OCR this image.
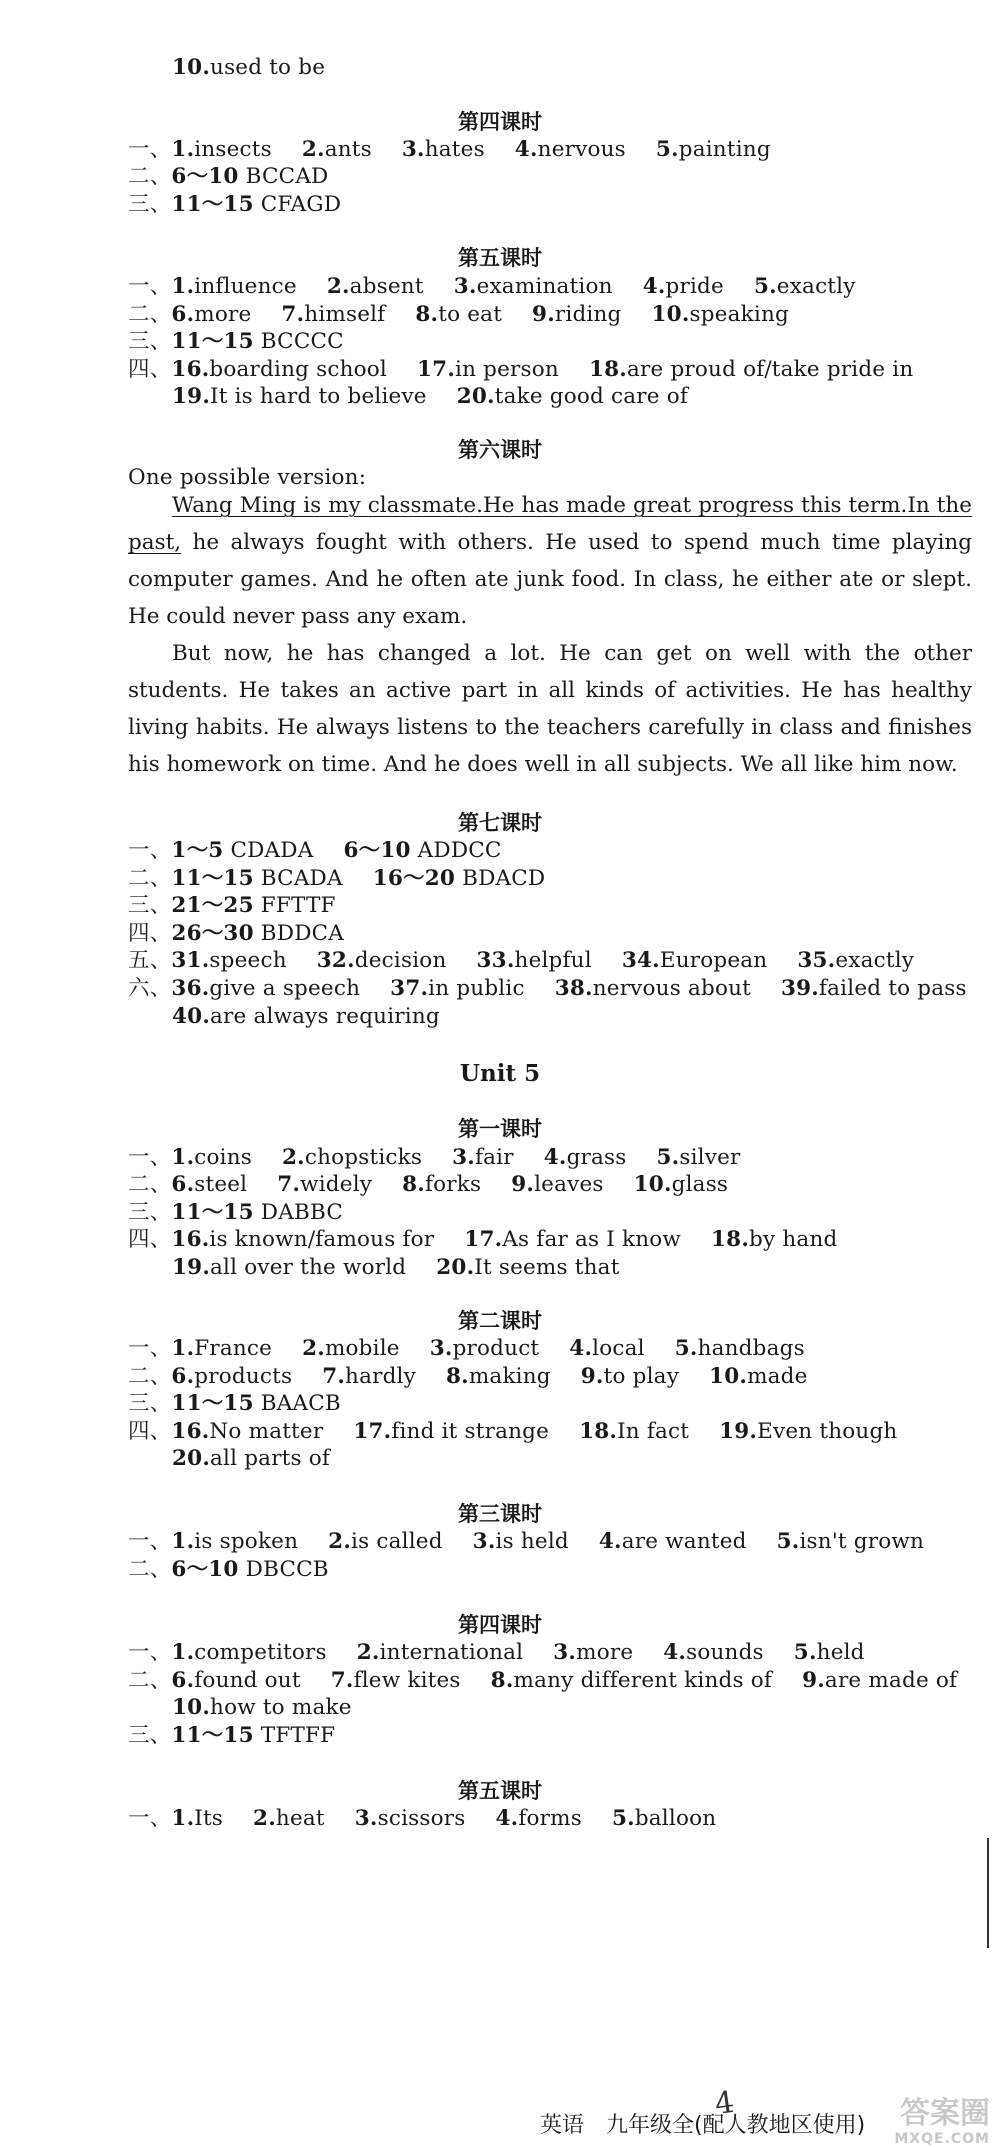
10.used to be
第四课时
一、1.insects 2.ants 3.hates 4.nervous 5.painting
二、6～10 BCCAD
三、11～15 CFAGD
第五课时
一、1.influence 2.absent 3.examination 4.pride 5.exactly
二、6.more 7.himself 8.to eat 9.riding 10.speaking
三、11～15 BCCCC
四、16.boarding school 17.in person 18.are proud of/take pride in
19.It is hard to believe 20.take good care of
第六课时
One possible version:
Wang Ming is my classmate.He has made great progress this term.In the past, he always fought with others. He used to spend much time playing computer games. And he often ate junk food. In class, he either ate or slept. He could never pass any exam.
But now, he has changed a lot. He can get on well with the other students. He takes an active part in all kinds of activities. He has healthy living habits. He always listens to the teachers carefully in class and finishes his homework on time. And he does well in all subjects. We all like him now.
第七课时
一、1～5 CDADA 6～10 ADDCC
二、11～15 BCADA 16～20 BDACD
三、21～25 FFTTF
四、26～30 BDDCA
五、31.speech 32.decision 33.helpful 34.European 35.exactly
六、36.give a speech 37.in public 38.nervous about 39.failed to pass
40.are always requiring
Unit 5
第一课时
一、1.coins 2.chopsticks 3.fair 4.grass 5.silver
二、6.steel 7.widely 8.forks 9.leaves 10.glass
三、11～15 DABBC
四、16.is known/famous for 17.As far as I know 18.by hand
19.all over the world 20.It seems that
第二课时
一、1.France 2.mobile 3.product 4.local 5.handbags
二、6.products 7.hardly 8.making 9.to play 10.made
三、11～15 BAACB
四、16.No matter 17.find it strange 18.In fact 19.Even though
20.all parts of
第三课时
一、1.is spoken 2.is called 3.is held 4.are wanted 5.isn't grown
二、6～10 DBCCB
第四课时
一、1.competitors 2.international 3.more 4.sounds 5.held
二、6.found out 7.flew kites 8.many different kinds of 9.are made of
10.how to make
三、11～15 TFTFF
第五课时
一、1.Its 2.heat 3.scissors 4.forms 5.balloon
英语　九年级全(配人教地区使用)
4	答案圈
MXQE.COM
